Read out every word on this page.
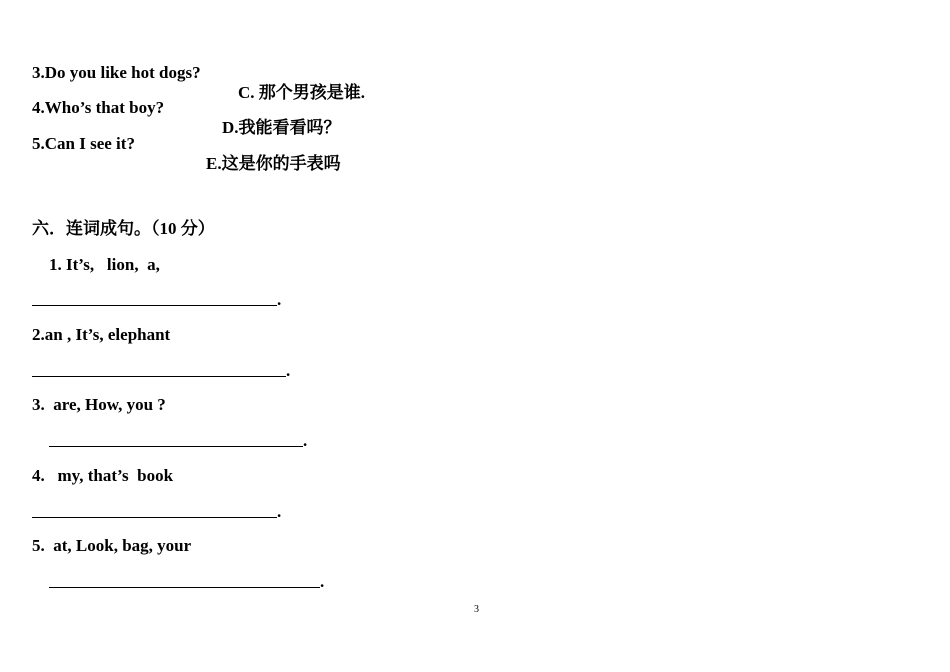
3.Do you like hot dogs?

C. 那个男孩是谁.

4.Who’s that boy?

D.我能看看吗？

5.Can I see it?

E.这是你的手表吗

六．连词成句。（10 分）
1. It’s,   lion,  a,
.
2.an , It’s, elephant
.
3.  are, How, you ?
.
4.   my, that’s  book
.
5.  at, Look, bag, your
.
3
